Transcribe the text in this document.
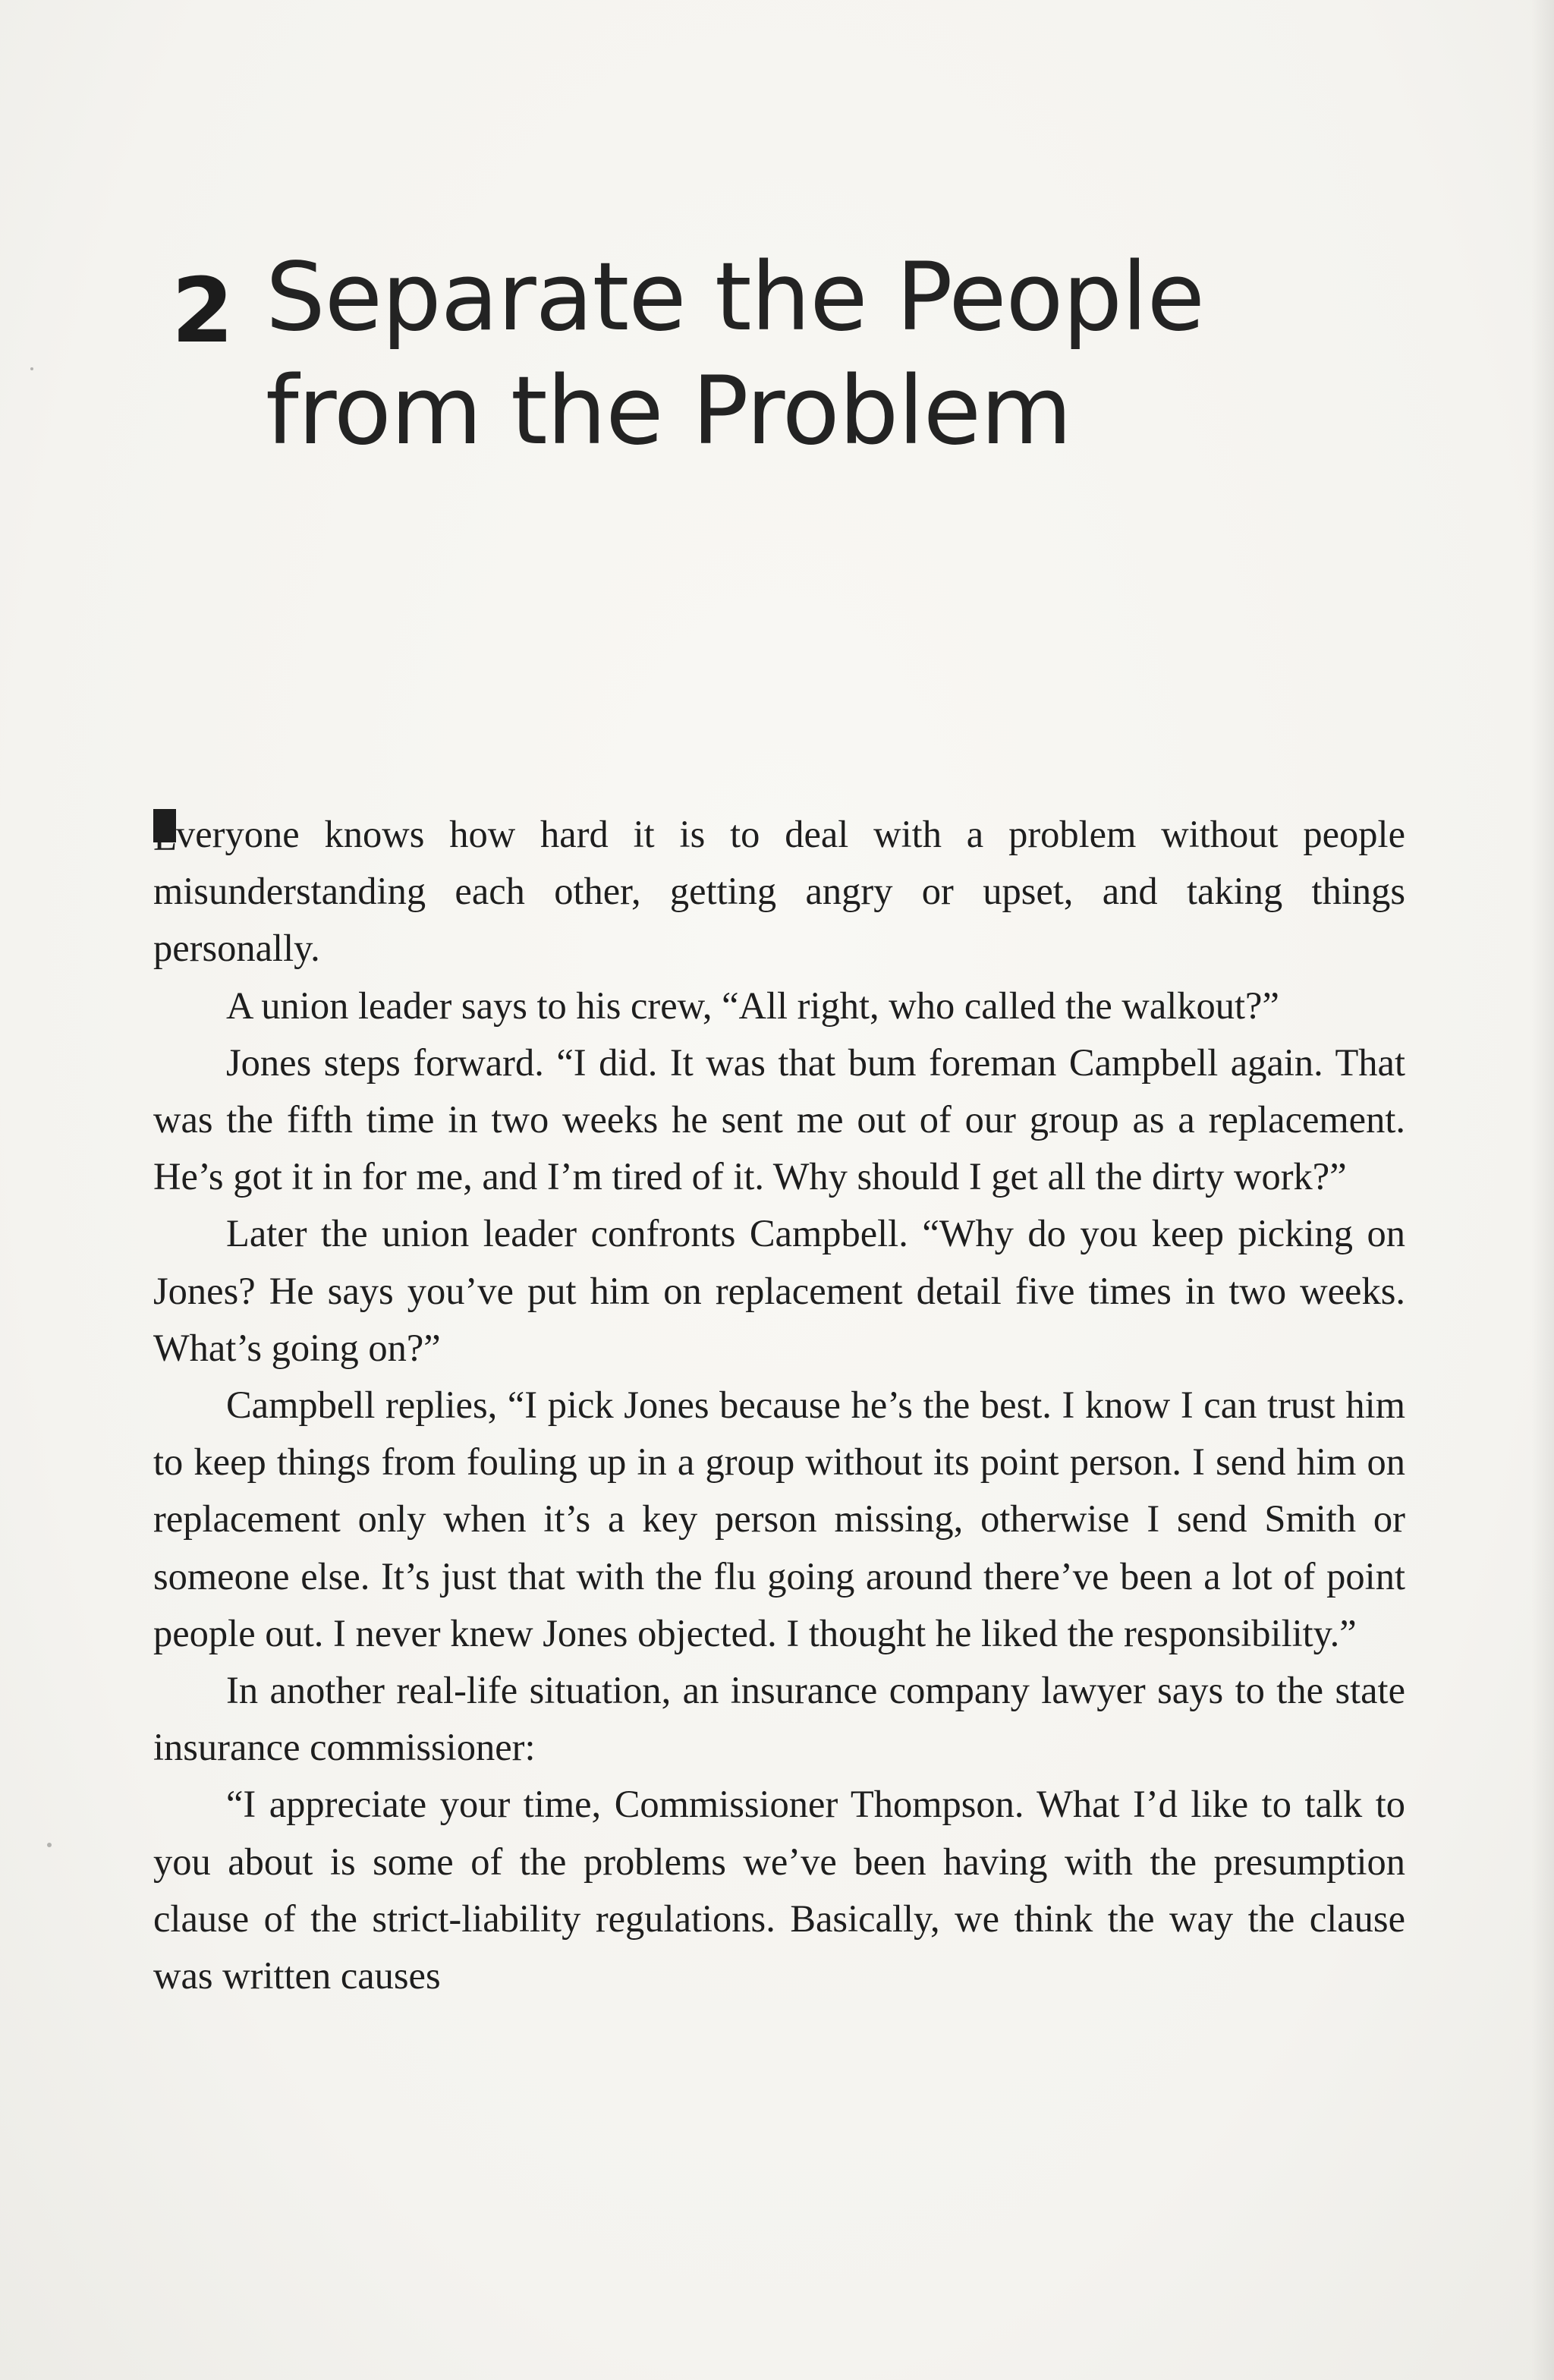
2 Separate the People
from the Problem

Everyone knows how hard it is to deal with a problem without people misunderstanding each other, getting angry or upset, and taking things personally.

A union leader says to his crew, “All right, who called the walkout?”

Jones steps forward. “I did. It was that bum foreman Campbell again. That was the fifth time in two weeks he sent me out of our group as a replacement. He’s got it in for me, and I’m tired of it. Why should I get all the dirty work?”

Later the union leader confronts Campbell. “Why do you keep picking on Jones? He says you’ve put him on replacement detail five times in two weeks. What’s going on?”

Campbell replies, “I pick Jones because he’s the best. I know I can trust him to keep things from fouling up in a group without its point person. I send him on replacement only when it’s a key person missing, otherwise I send Smith or someone else. It’s just that with the flu going around there’ve been a lot of point people out. I never knew Jones objected. I thought he liked the responsibility.”

In another real-life situation, an insurance company lawyer says to the state insurance commissioner:

“I appreciate your time, Commissioner Thompson. What I’d like to talk to you about is some of the problems we’ve been having with the presumption clause of the strict-liability regulations. Basically, we think the way the clause was written causes
